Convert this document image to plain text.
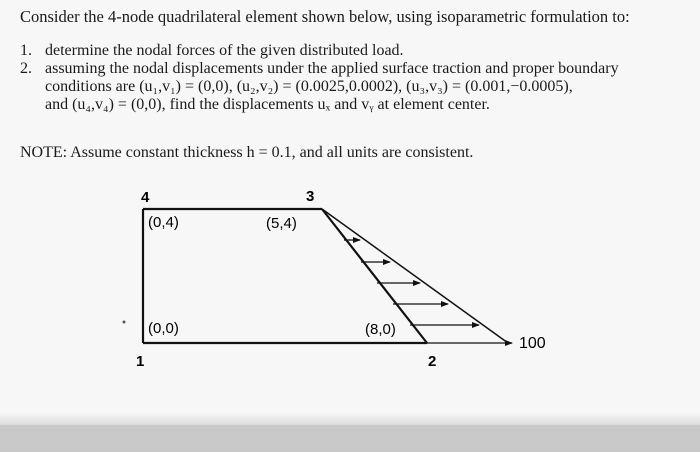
Consider the 4-node quadrilateral element shown below, using isoparametric formulation to:
1. determine the nodal forces of the given distributed load.
2. assuming the nodal displacements under the applied surface traction and proper boundary
conditions are (u₁,v₁) = (0,0), (u₂,v₂) = (0.0025,0.0002), (u₃,v₃) = (0.001,−0.0005),
and (u₄,v₄) = (0,0), find the displacements uₓ and vᵧ at element center.
NOTE: Assume constant thickness h = 0.1, and all units are consistent.
4
(0,4)
3
(5,4)
(0,0)
1
(8,0)
2
100
